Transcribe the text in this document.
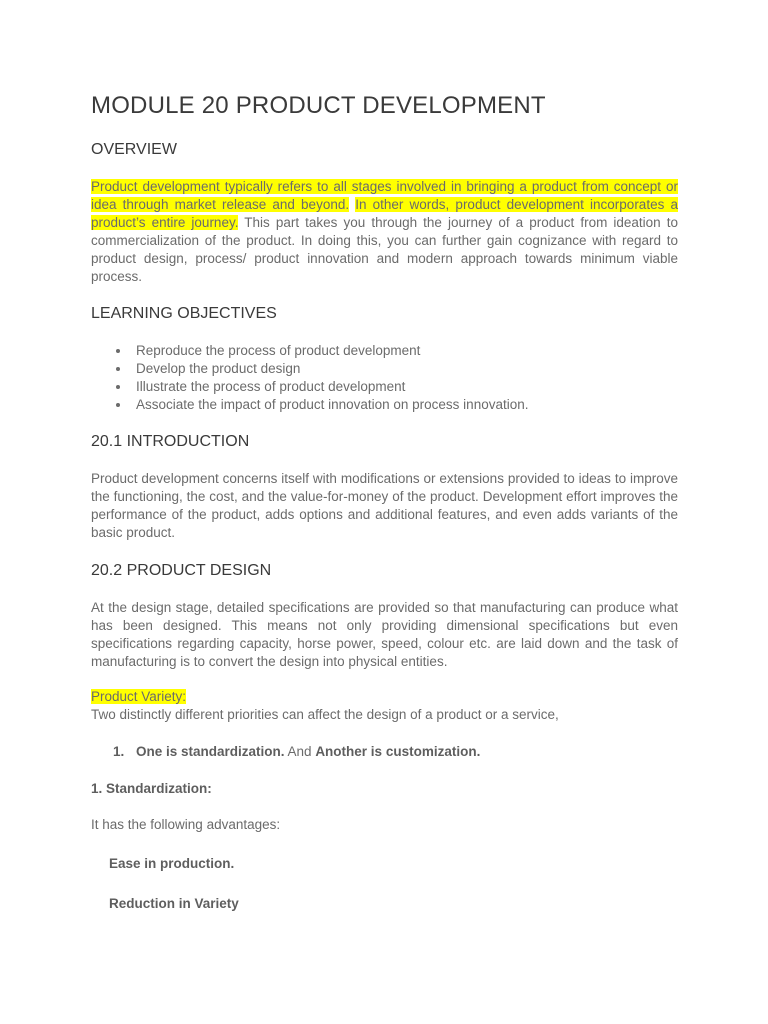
MODULE 20 PRODUCT DEVELOPMENT
OVERVIEW

Product development typically refers to all stages involved in bringing a product from concept or idea through market release and beyond. In other words, product development incorporates a product’s entire journey. This part takes you through the journey of a product from ideation to commercialization of the product. In doing this, you can further gain cognizance with regard to product design, process/ product innovation and modern approach towards minimum viable process.

LEARNING OBJECTIVES
Reproduce the process of product development
Develop the product design
Illustrate the process of product development
Associate the impact of product innovation on process innovation.
20.1 INTRODUCTION

Product development concerns itself with modifications or extensions provided to ideas to improve the functioning, the cost, and the value-for-money of the product. Development effort improves the performance of the product, adds options and additional features, and even adds variants of the basic product.

20.2 PRODUCT DESIGN

At the design stage, detailed specifications are provided so that manufacturing can produce what has been designed. This means not only providing dimensional specifications but even specifications regarding capacity, horse power, speed, colour etc. are laid down and the task of manufacturing is to convert the design into physical entities.

Product Variety:
Two distinctly different priorities can affect the design of a product or a service,
1. One is standardization. And Another is customization.
1. Standardization:
It has the following advantages:
Ease in production.
Reduction in Variety
